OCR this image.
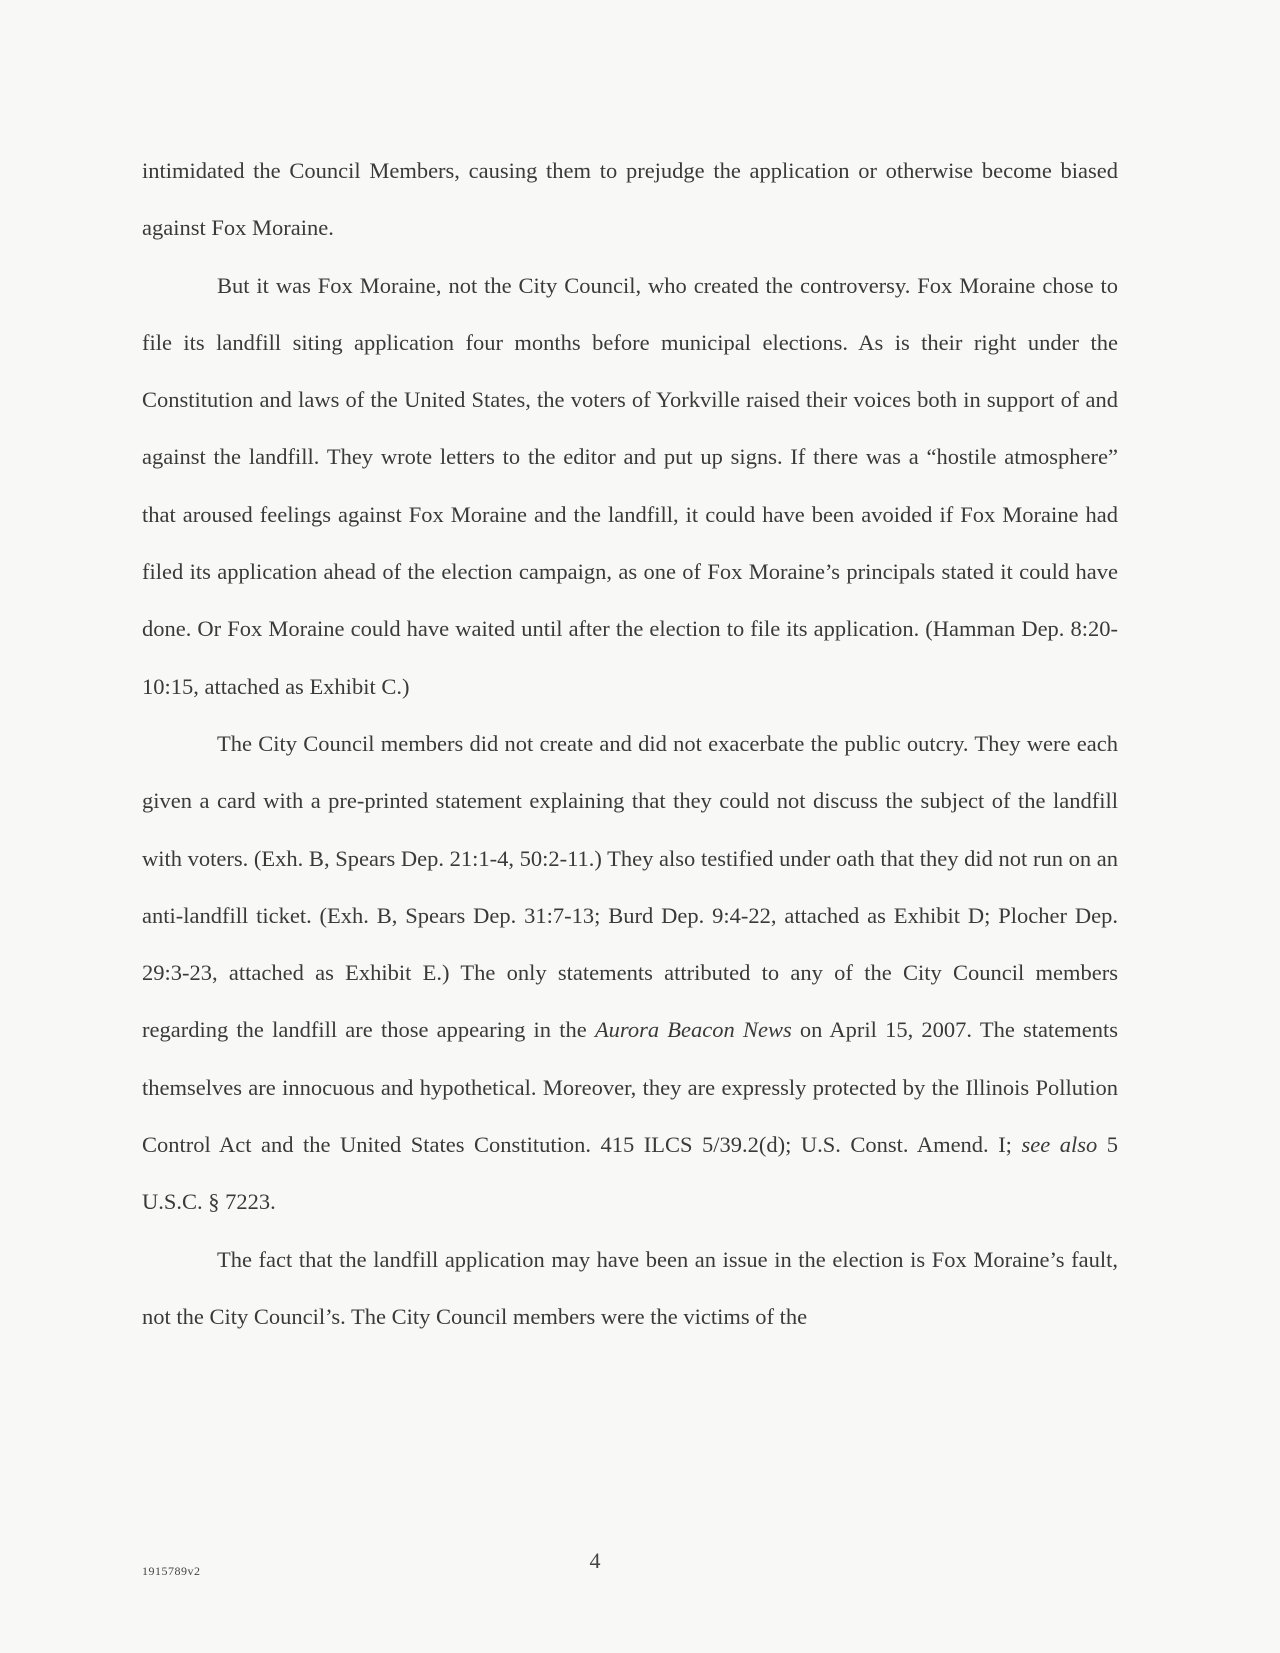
intimidated the Council Members, causing them to prejudge the application or otherwise become biased against Fox Moraine.

But it was Fox Moraine, not the City Council, who created the controversy. Fox Moraine chose to file its landfill siting application four months before municipal elections. As is their right under the Constitution and laws of the United States, the voters of Yorkville raised their voices both in support of and against the landfill. They wrote letters to the editor and put up signs. If there was a “hostile atmosphere” that aroused feelings against Fox Moraine and the landfill, it could have been avoided if Fox Moraine had filed its application ahead of the election campaign, as one of Fox Moraine’s principals stated it could have done. Or Fox Moraine could have waited until after the election to file its application. (Hamman Dep. 8:20-10:15, attached as Exhibit C.)

The City Council members did not create and did not exacerbate the public outcry. They were each given a card with a pre-printed statement explaining that they could not discuss the subject of the landfill with voters. (Exh. B, Spears Dep. 21:1-4, 50:2-11.) They also testified under oath that they did not run on an anti-landfill ticket. (Exh. B, Spears Dep. 31:7-13; Burd Dep. 9:4-22, attached as Exhibit D; Plocher Dep. 29:3-23, attached as Exhibit E.) The only statements attributed to any of the City Council members regarding the landfill are those appearing in the Aurora Beacon News on April 15, 2007. The statements themselves are innocuous and hypothetical. Moreover, they are expressly protected by the Illinois Pollution Control Act and the United States Constitution. 415 ILCS 5/39.2(d); U.S. Const. Amend. I; see also 5 U.S.C. § 7223.

The fact that the landfill application may have been an issue in the election is Fox Moraine’s fault, not the City Council’s. The City Council members were the victims of the

1915789v2	4
